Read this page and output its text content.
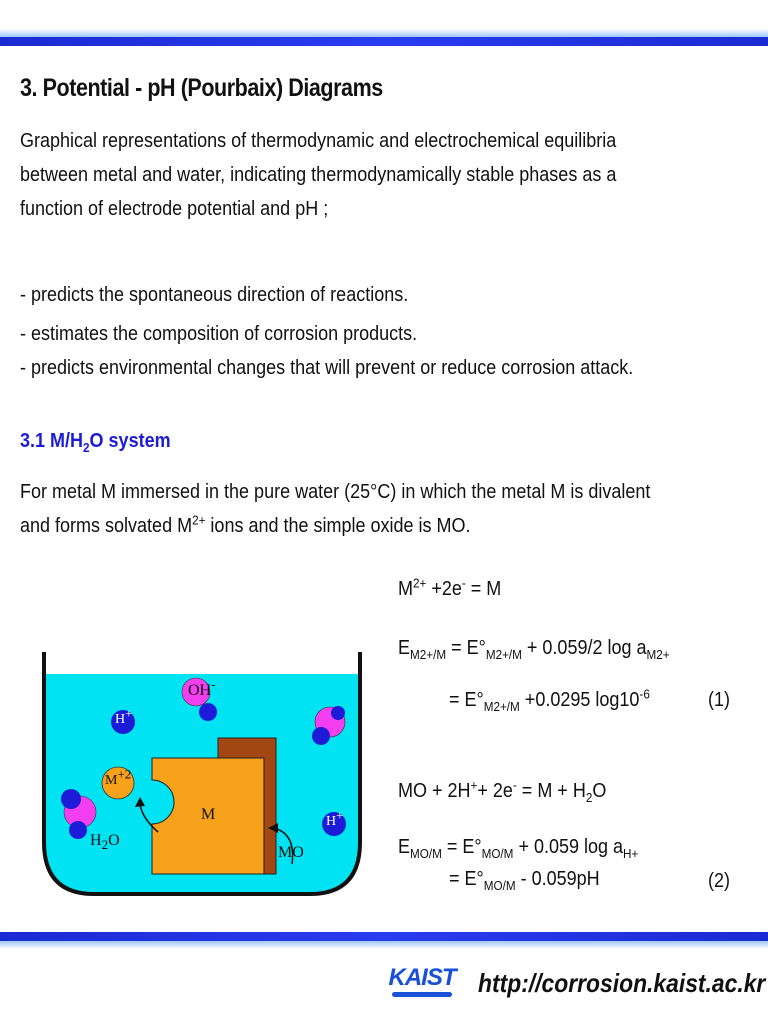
3. Potential - pH (Pourbaix) Diagrams
Graphical representations of thermodynamic and electrochemical equilibria
between metal and water, indicating thermodynamically stable phases as a
function of electrode potential and pH ;
- predicts the spontaneous direction of reactions.
- estimates the composition of corrosion products.
- predicts environmental changes that will prevent or reduce corrosion attack.
3.1 $M/H_2O$ system
For metal M immersed in the pure water (25°C) in which the metal M is divalent
and forms solvated $M^{2+}$ ions and the simple oxide is MO.
$M^{2+} +2e^- = M$
$E_{M2+/M} = E^\circ_{M2+/M} + 0.059/2$ $\log a_{M2+}$
= $E^\circ_{M2+/M} +0.0295$ $\log 10^{-6}$	(1)
MO + $2H^++ 2e^- = M + H_2O$
$E_{MO/M} = E^\circ_{MO/M} + 0.059$ $\log a_{H+}$
= $E^\circ_{MO/M} - 0.059pH$	(2)
OH-
H+
$M^{+2}$
M
$H_2O$
H+
MO
KAIST http://corrosion.kaist.ac.kr
